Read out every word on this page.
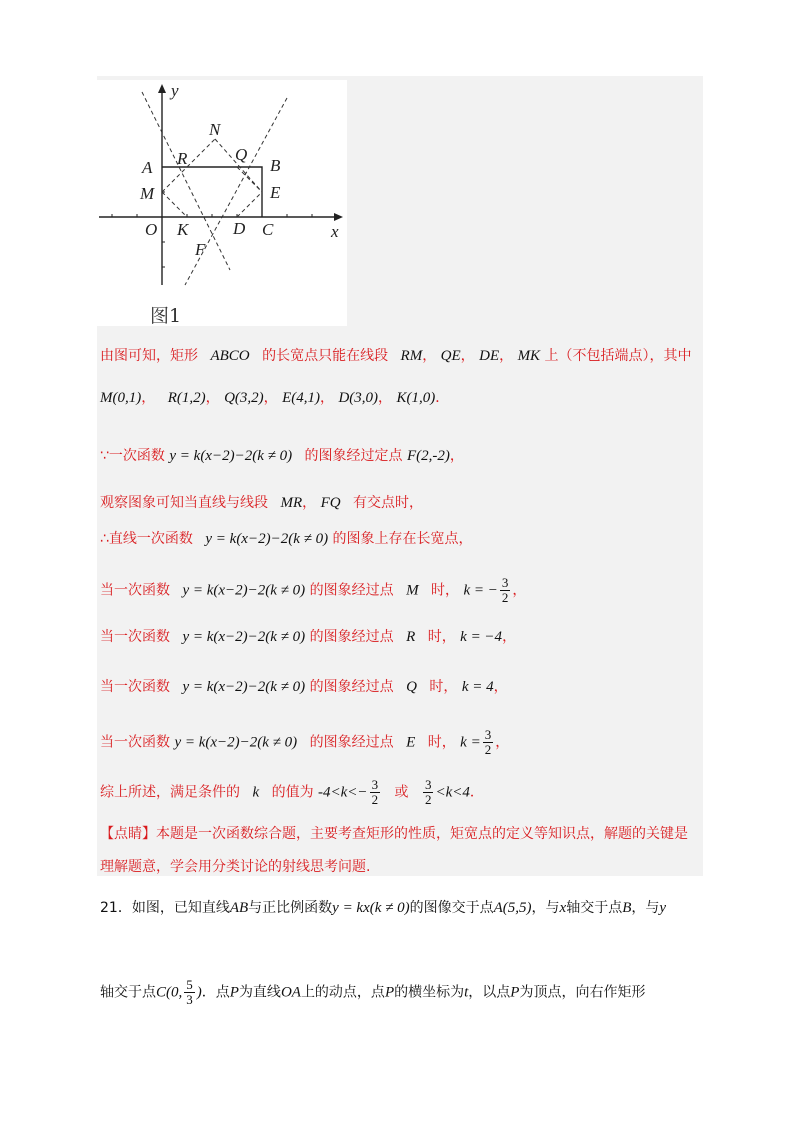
y
x
O
A	B
C
M
R	Q
N
E
K	D
F
图1
由图可知，矩形 ABCO 的长宽点只能在线段 RM， QE， DE， MK 上（不包括端点），其中
M(0,1)， R(1,2)， Q(3,2)， E(4,1)， D(3,0)， K(1,0)．
∵一次函数 y = k(x−2)−2(k ≠ 0) 的图象经过定点 F(2,-2)，
观察图象可知当直线与线段 MR， FQ 有交点时，
∴直线一次函数 y = k(x−2)−2(k ≠ 0) 的图象上存在长宽点，
当一次函数 y = k(x−2)−2(k ≠ 0) 的图象经过点 M 时， k = − $\frac{3}{2}$ ，
当一次函数 y = k(x−2)−2(k ≠ 0) 的图象经过点 R 时， k = −4，
当一次函数 y = k(x−2)−2(k ≠ 0) 的图象经过点 Q 时， k = 4，
当一次函数 y = k(x−2)−2(k ≠ 0) 的图象经过点 E 时， $k = \frac{3}{2}$ ，
综上所述，满足条件的 k 的值为 $-4<k<- \frac{3}{2}$ 或 $\frac{3}{2} <k<4$．
【点睛】本题是一次函数综合题，主要考查矩形的性质，矩宽点的定义等知识点，解题的关键是
理解题意，学会用分类讨论的射线思考问题.
21．如图，已知直线AB与正比例函数y = kx(k ≠ 0)的图像交于点A(5,5)，与x轴交于点B，与y
轴交于点C(0, $\frac{5}{3}$ )．点P为直线OA上的动点，点P的横坐标为t，以点P为顶点，向右作矩形
